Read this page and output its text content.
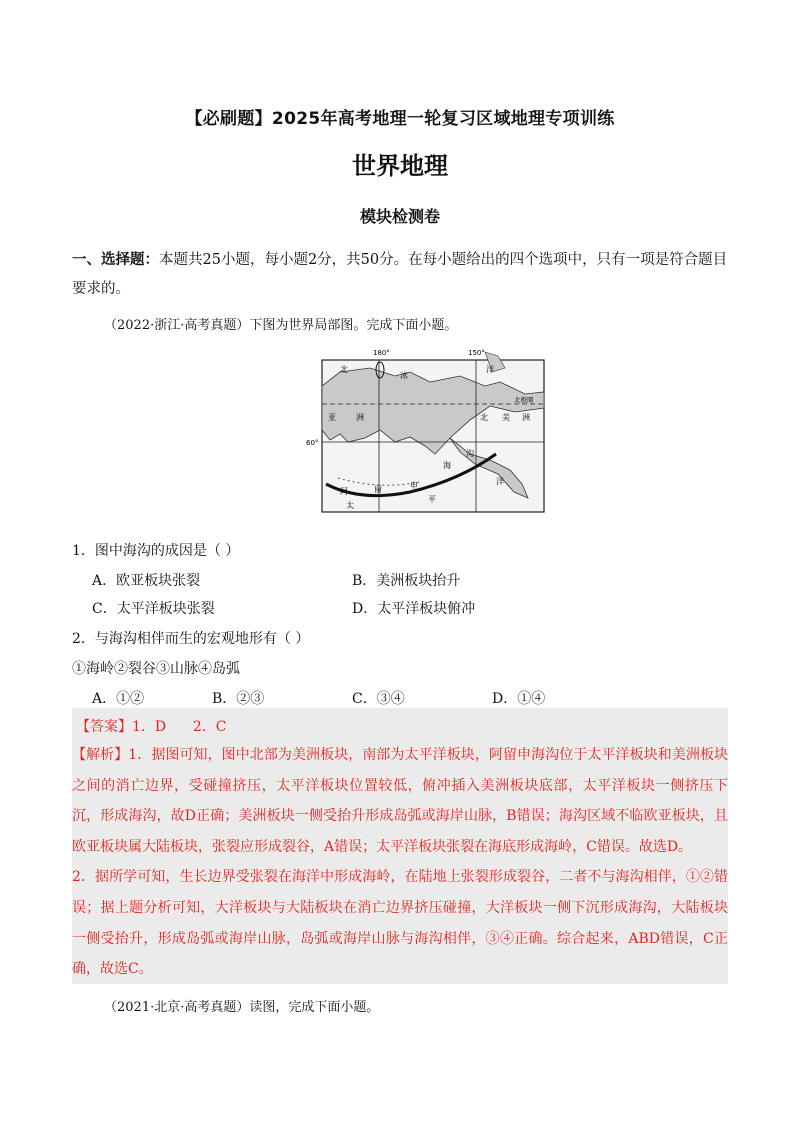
【必刷题】2025年高考地理一轮复习区域地理专项训练
世界地理
模块检测卷
一、选择题：本题共25小题，每小题2分，共50分。在每小题给出的四个选项中，只有一项是符合题目要求的。
（2022·浙江·高考真题）下图为世界局部图。完成下面小题。
180°	150°
60°
北极圈
北
冰
洋
亚	洲	北 美 洲
阿	留	申
海
沟
太
平
洋
1．图中海沟的成因是（ ）
A．欧亚板块张裂	B．美洲板块抬升
C．太平洋板块张裂	D．太平洋板块俯冲
2．与海沟相伴而生的宏观地形有（ ）
①海岭②裂谷③山脉④岛弧
A．①②	B．②③	C．③④	D．①④
【答案】1．D      2．C

【解析】1．据图可知，图中北部为美洲板块，南部为太平洋板块，阿留申海沟位于太平洋板块和美洲板块之间的消亡边界，受碰撞挤压，太平洋板块位置较低，俯冲插入美洲板块底部，太平洋板块一侧挤压下沉，形成海沟，故D正确；美洲板块一侧受抬升形成岛弧或海岸山脉，B错误；海沟区域不临欧亚板块，且欧亚板块属大陆板块，张裂应形成裂谷，A错误；太平洋板块张裂在海底形成海岭，C错误。故选D。

2．据所学可知，生长边界受张裂在海洋中形成海岭，在陆地上张裂形成裂谷，二者不与海沟相伴，①②错误；据上题分析可知，大洋板块与大陆板块在消亡边界挤压碰撞，大洋板块一侧下沉形成海沟，大陆板块一侧受抬升，形成岛弧或海岸山脉，岛弧或海岸山脉与海沟相伴，③④正确。综合起来，ABD错误，C正确，故选C。

（2021·北京·高考真题）读图，完成下面小题。
